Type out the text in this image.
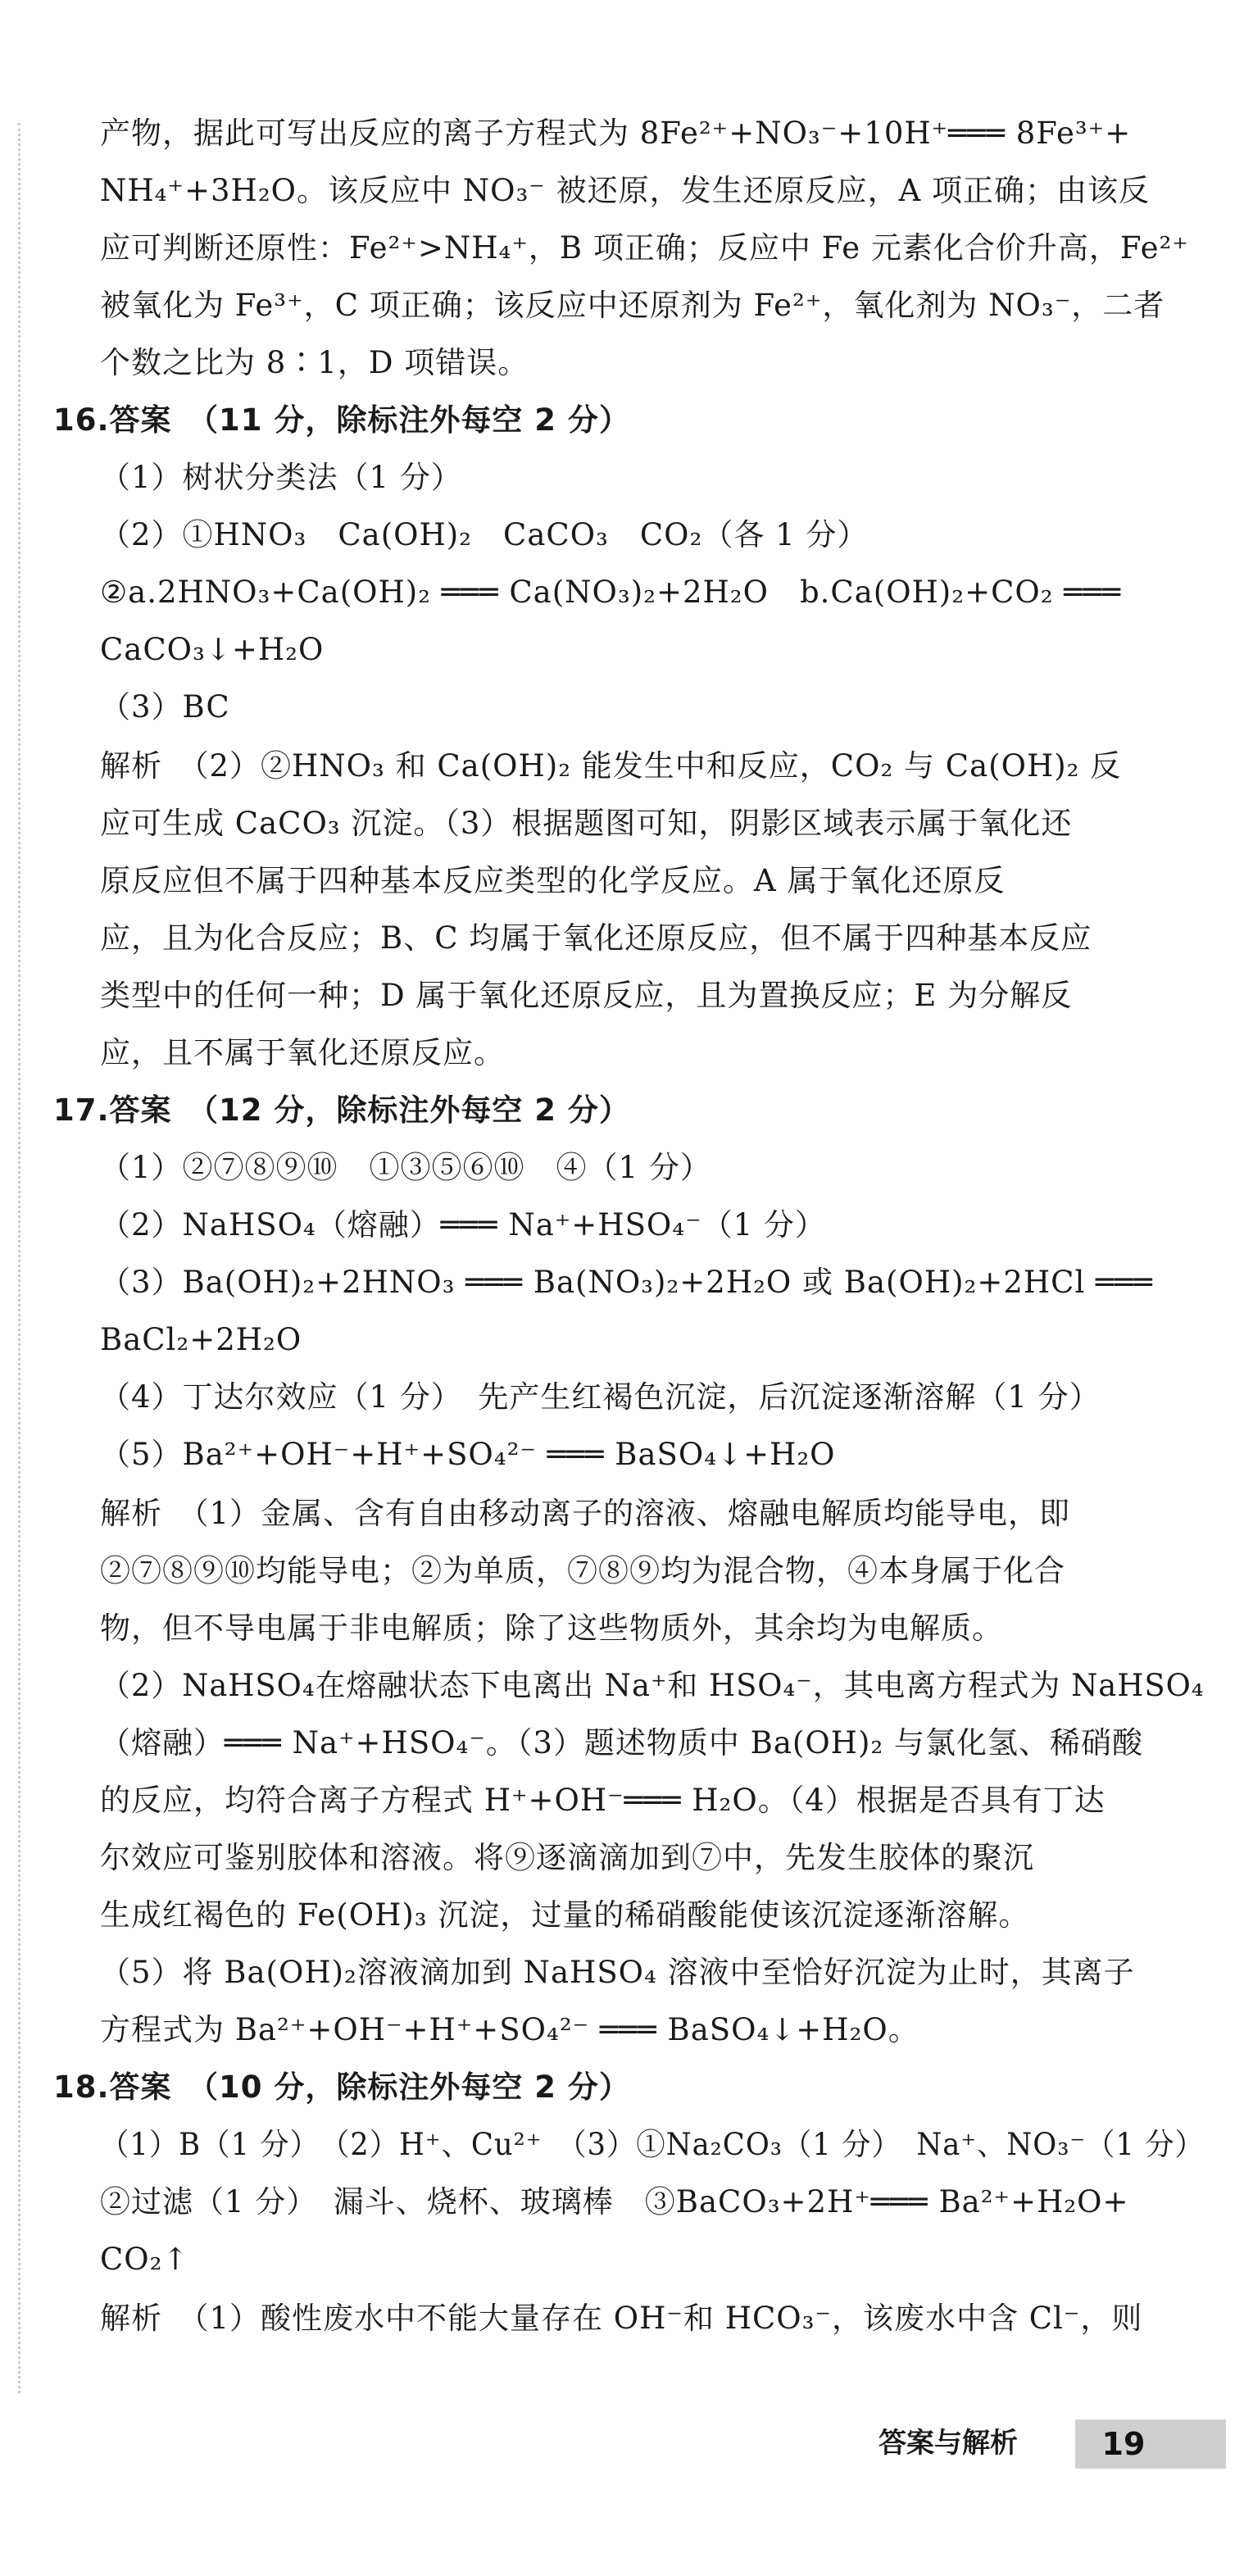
产物，据此可写出反应的离子方程式为 8Fe²⁺+NO₃⁻+10H⁺═══ 8Fe³⁺+
NH₄⁺+3H₂O。该反应中 NO₃⁻ 被还原，发生还原反应，A 项正确；由该反
应可判断还原性：Fe²⁺>NH₄⁺，B 项正确；反应中 Fe 元素化合价升高，Fe²⁺
被氧化为 Fe³⁺，C 项正确；该反应中还原剂为 Fe²⁺，氧化剂为 NO₃⁻，二者
个数之比为 8∶1，D 项错误。
16.答案　（11 分，除标注外每空 2 分）
（1）树状分类法（1 分）
（2）①HNO₃　Ca(OH)₂　CaCO₃　CO₂（各 1 分）
②a.2HNO₃+Ca(OH)₂ ═══ Ca(NO₃)₂+2H₂O　b.Ca(OH)₂+CO₂ ═══
CaCO₃↓+H₂O
（3）BC
解析　（2）②HNO₃ 和 Ca(OH)₂ 能发生中和反应，CO₂ 与 Ca(OH)₂ 反
应可生成 CaCO₃ 沉淀。（3）根据题图可知，阴影区域表示属于氧化还
原反应但不属于四种基本反应类型的化学反应。A 属于氧化还原反
应，且为化合反应；B、C 均属于氧化还原反应，但不属于四种基本反应
类型中的任何一种；D 属于氧化还原反应，且为置换反应；E 为分解反
应，且不属于氧化还原反应。
17.答案　（12 分，除标注外每空 2 分）
（1）②⑦⑧⑨⑩　①③⑤⑥⑩　④（1 分）
（2）NaHSO₄（熔融）═══ Na⁺+HSO₄⁻（1 分）
（3）Ba(OH)₂+2HNO₃ ═══ Ba(NO₃)₂+2H₂O 或 Ba(OH)₂+2HCl ═══
BaCl₂+2H₂O
（4）丁达尔效应（1 分）　先产生红褐色沉淀，后沉淀逐渐溶解（1 分）
（5）Ba²⁺+OH⁻+H⁺+SO₄²⁻ ═══ BaSO₄↓+H₂O
解析　（1）金属、含有自由移动离子的溶液、熔融电解质均能导电，即
②⑦⑧⑨⑩均能导电；②为单质，⑦⑧⑨均为混合物，④本身属于化合
物，但不导电属于非电解质；除了这些物质外，其余均为电解质。
（2）NaHSO₄在熔融状态下电离出 Na⁺和 HSO₄⁻，其电离方程式为 NaHSO₄
（熔融）═══ Na⁺+HSO₄⁻。（3）题述物质中 Ba(OH)₂ 与氯化氢、稀硝酸
的反应，均符合离子方程式 H⁺+OH⁻═══ H₂O。（4）根据是否具有丁达
尔效应可鉴别胶体和溶液。将⑨逐滴滴加到⑦中，先发生胶体的聚沉
生成红褐色的 Fe(OH)₃ 沉淀，过量的稀硝酸能使该沉淀逐渐溶解。
（5）将 Ba(OH)₂溶液滴加到 NaHSO₄ 溶液中至恰好沉淀为止时，其离子
方程式为 Ba²⁺+OH⁻+H⁺+SO₄²⁻ ═══ BaSO₄↓+H₂O。
18.答案　（10 分，除标注外每空 2 分）
（1）B（1 分）　（2）H⁺、Cu²⁺　（3）①Na₂CO₃（1 分）　Na⁺、NO₃⁻（1 分）
②过滤（1 分）　漏斗、烧杯、玻璃棒　③BaCO₃+2H⁺═══ Ba²⁺+H₂O+
CO₂↑
解析　（1）酸性废水中不能大量存在 OH⁻和 HCO₃⁻，该废水中含 Cl⁻，则
答案与解析	19
